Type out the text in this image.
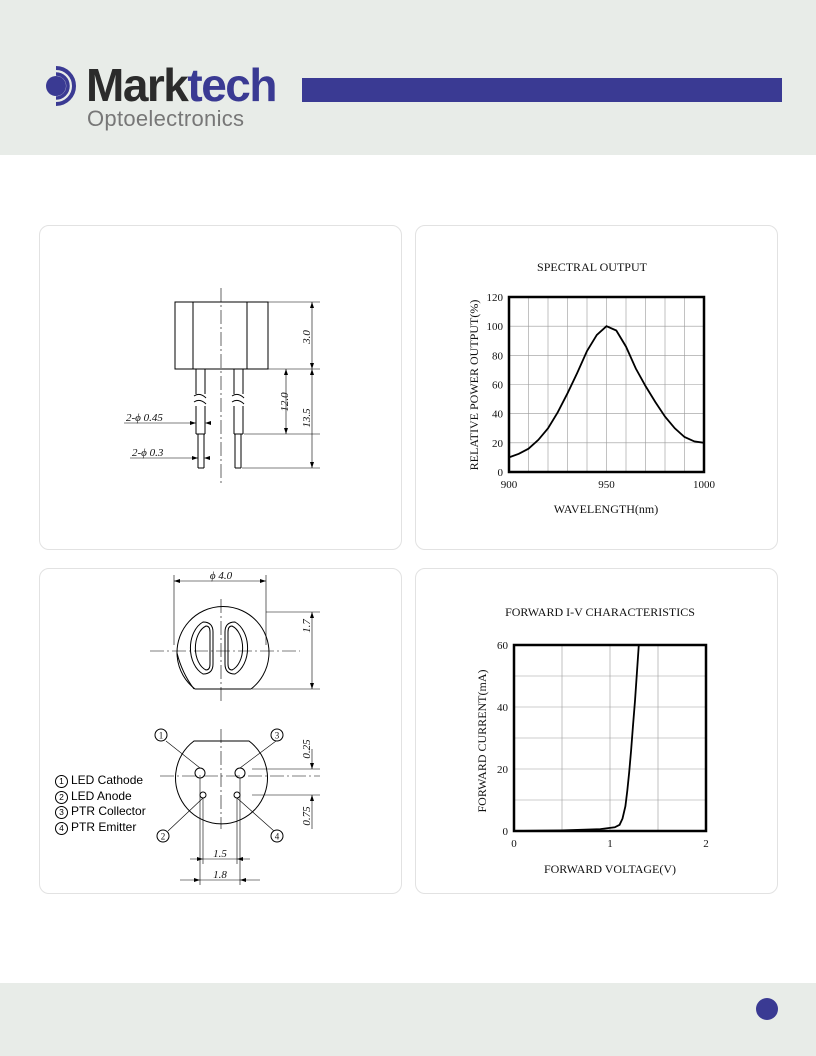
Marktech
Optoelectronics
3.0
12.0
13.5
2-ϕ 0.45
2-ϕ 0.3
SPECTRAL OUTPUT
WAVELENGTH(nm)
RELATIVE POWER OUTPUT(%)
900	950	1000
0
20
40
60
80
100
120
1	3
2	4
ϕ 4.0
1.7
0.25
0.75
1.5
1.8
1 LED Cathode
2 LED Anode
3 PTR Collector
4 PTR Emitter
FORWARD I-V CHARACTERISTICS
FORWARD VOLTAGE(V)
FORWARD CURRENT(mA)
0	1	2
0
20
40
60
